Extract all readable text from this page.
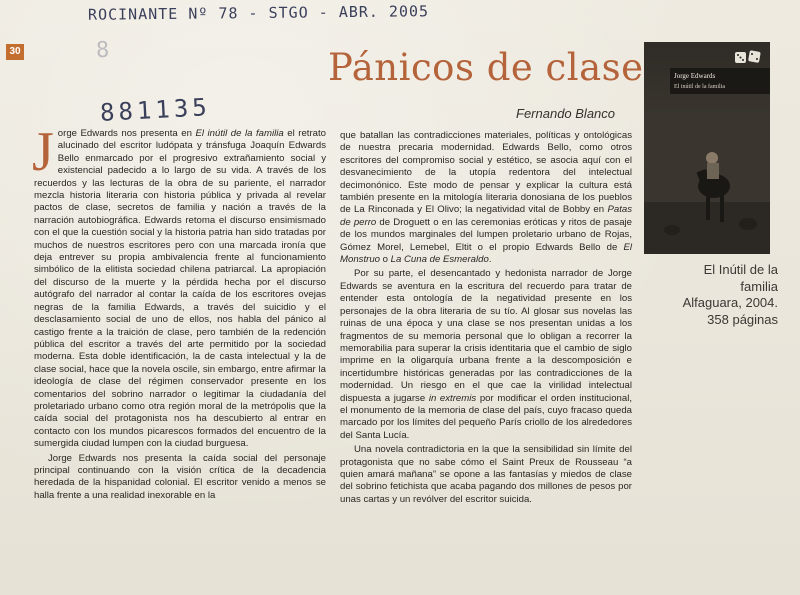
ROCINANTE Nº 78 - STGO - ABR. 2005
8
881135
30	Pánicos de clase
Fernando Blanco

Jorge Edwards nos presenta en El inútil de la familia el retrato alucinado del escritor ludópata y tránsfuga Joaquín Edwards Bello enmarcado por el progresivo extrañamiento social y existencial padecido a lo largo de su vida. A través de los recuerdos y las lecturas de la obra de su pariente, el narrador mezcla historia literaria con historia pública y privada al revelar pactos de clase, secretos de familia y nación a través de la narración autobiográfica. Edwards retoma el discurso ensimismado con el que la cuestión social y la historia patria han sido tratadas por muchos de nuestros escritores pero con una marcada ironía que deja entrever su propia ambivalencia frente al funcionamiento simbólico de la elitista sociedad chilena patriarcal. La apropiación del discurso de la muerte y la pérdida hecha por el discurso autógrafo del narrador al contar la caída de los escritores ovejas negras de la familia Edwards, a través del suicidio y el desclasamiento social de uno de ellos, nos habla del pánico al castigo frente a la traición de clase, pero también de la redención pública del escritor a través del arte permitido por la sociedad moderna. Esta doble identificación, la de casta intelectual y la de clase social, hace que la novela oscile, sin embargo, entre afirmar la ideología de clase del régimen conservador presente en los comentarios del sobrino narrador o legitimar la ciudadanía del proletariado urbano como otra región moral de la metrópolis que la caída social del protagonista nos ha descubierto al entrar en contacto con los mundos picarescos formados del encuentro de la sumergida ciudad lumpen con la ciudad burguesa.

Jorge Edwards nos presenta la caída social del personaje principal continuando con la visión crítica de la decadencia heredada de la hispanidad colonial. El escritor venido a menos se halla frente a una realidad inexorable en la

que batallan las contradicciones materiales, políticas y ontológicas de nuestra precaria modernidad. Edwards Bello, como otros escritores del compromiso social y estético, se asocia aquí con el desvanecimiento de la utopía redentora del intelectual decimonónico. Este modo de pensar y explicar la cultura está también presente en la mitología literaria donosiana de los pueblos de La Rinconada y El Olivo; la negatividad vital de Bobby en Patas de perro de Droguett o en las ceremonias eróticas y ritos de pasaje de los mundos marginales del lumpen proletario urbano de Rojas, Gómez Morel, Lemebel, Eltit o el propio Edwards Bello de El Monstruo o La Cuna de Esmeraldo.

Por su parte, el desencantado y hedonista narrador de Jorge Edwards se aventura en la escritura del recuerdo para tratar de entender esta ontología de la negatividad presente en los personajes de la obra literaria de su tío. Al glosar sus novelas las ruinas de una época y una clase se nos presentan unidas a los fragmentos de su memoria personal que lo obligan a recorrer la memorabilia para superar la crisis identitaria que el cambio de siglo imprime en la oligarquía urbana frente a la descomposición e incertidumbre históricas generadas por las contradicciones de la modernidad. Un riesgo en el que cae la virilidad intelectual dispuesta a jugarse in extremis por modificar el orden institucional, el monumento de la memoria de clase del país, cuyo fracaso queda marcado por los límites del pequeño París criollo de los alrededores del Santa Lucía.

Una novela contradictoria en la que la sensibilidad sin límite del protagonista que no sabe cómo el Saint Preux de Rousseau “a quien amará mañana” se opone a las fantasías y miedos de clase del sobrino fetichista que acaba pagando dos millones de pesos por unas cartas y un revólver del escritor suicida.

Jorge Edwards
El inútil de la familia
El Inútil de la
familia
Alfaguara, 2004.
358 páginas
